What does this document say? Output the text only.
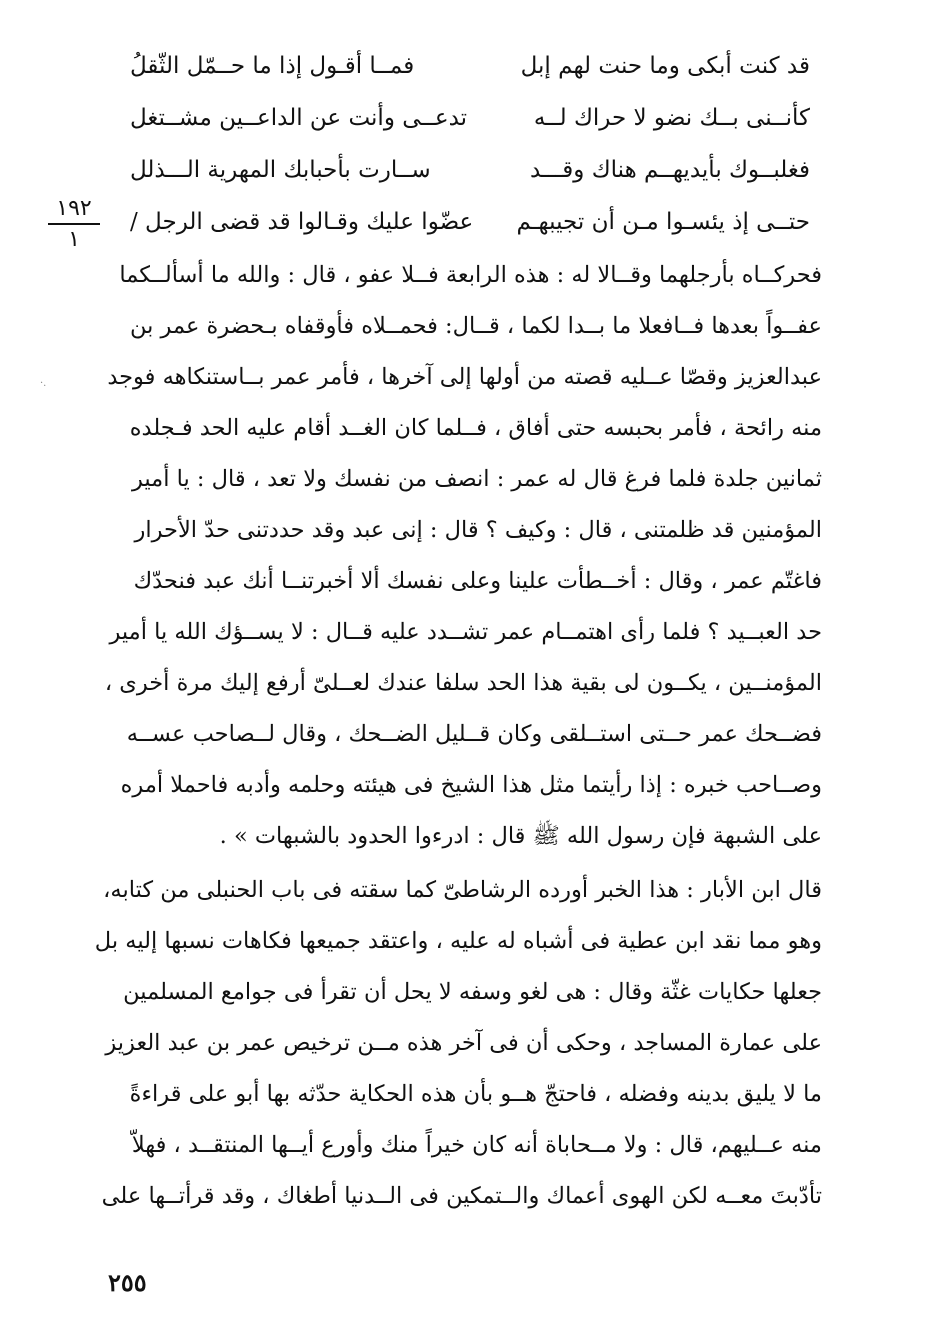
قد كنت أبكى وما حنت لهم إبل
فمــا أقـول إذا ما حــمّل الثّقلُ
كأنــنى بــك نضو لا حراك لــه
تدعــى وأنت عن الداعــين مشــتغل
فغلبــوك بأيديهــم هناك وقـــد
ســارت بأحبابك المهرية الـــذلل
حتــى إذ يئسـوا مـن أن تجيبهـم
عضّوا عليك وقـالوا قد قضى الرجل /
١٩٢
١
·.
فحركــاه بأرجلهما وقــالا له : هذه الرابعة فــلا عفو ، قال : والله ما أسألــكما
عفــواً بعدها فــافعلا ما بــدا لكما ، قــال: فحمــلاه فأوقفاه بـحضرة عمر بن
عبدالعزيز وقصّا عــليه قصته من أولها إلى آخرها ، فأمر عمر بــاستنكاهه فوجد
منه رائحة ، فأمر بحبسه حتى أفاق ، فــلما كان الغــد أقام عليه الحد فـجلده
ثمانين جلدة فلما فرغ قال له عمر : انصف من نفسك ولا تعد ، قال : يا أمير
المؤمنين قد ظلمتنى ، قال : وكيف ؟ قال : إنى عبد وقد حددتنى حدّ الأحرار
فاغتّم عمر ، وقال : أخــطأت علينا وعلى نفسك ألا أخبرتنــا أنك عبد فنحدّك
حد العبــيد ؟ فلما رأى اهتمــام عمر تشــدد عليه قــال : لا يســؤك الله يا أمير
المؤمنــين ، يكــون لى بقية هذا الحد سلفا عندك لعــلىّ أرفع إليك مرة أخرى ،
فضــحك عمر حــتى استــلقى وكان قــليل الضــحك ، وقال لــصاحب عســه
وصــاحب خبره : إذا رأيتما مثل هذا الشيخ فى هيئته وحلمه وأدبه فاحملا أمره
على الشبهة فإن رسول الله ﷺ قال : ادرءوا الحدود بالشبهات » .
قال ابن الأبار : هذا الخبر أورده الرشاطىّ كما سقته فى باب الحنبلى من كتابه،
وهو مما نقد ابن عطية فى أشباه له عليه ، واعتقد جميعها فكاهات نسبها إليه بل
جعلها حكايات غثّة وقال : هى لغو وسفه لا يحل أن تقرأ فى جوامع المسلمين
على عمارة المساجد ، وحكى أن فى آخر هذه مــن ترخيص عمر بن عبد العزيز
ما لا يليق بدينه وفضله ، فاحتجّ هــو بأن هذه الحكاية حدّثه بها أبو على قراءةً
منه عــليهم، قال : ولا مــحاباة أنه كان خيراً منك وأورع أيــها المنتقــد ، فهلاّ
تأدّبتَ معــه لكن الهوى أعماك والــتمكين فى الــدنيا أطغاك ، وقد قرأتــها على
٢٥٥
